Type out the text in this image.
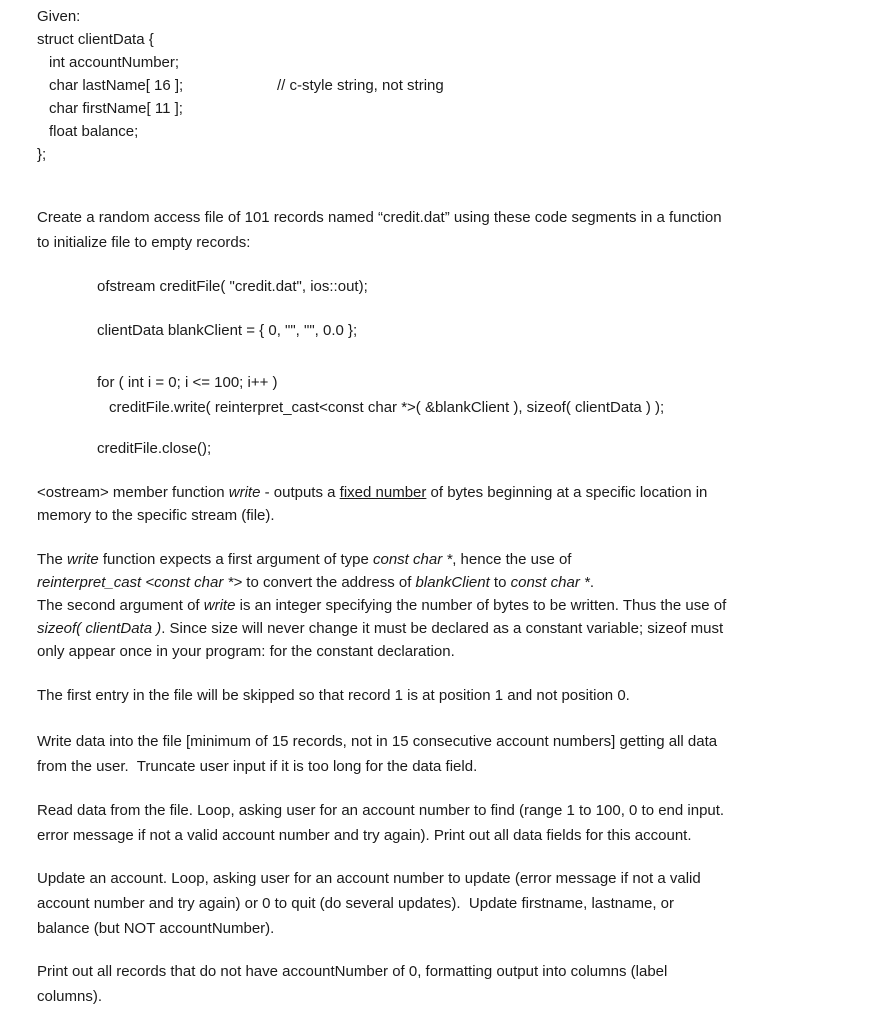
Given:
struct clientData {
int accountNumber;
char lastName[ 16 ];	// c-style string, not string
char firstName[ 11 ];
float balance;
};
Create a random access file of 101 records named “credit.dat” using these code segments in a function
to initialize file to empty records:
ofstream creditFile( "credit.dat", ios::out);
clientData blankClient = { 0, "", "", 0.0 };
for ( int i = 0; i <= 100; i++ )
creditFile.write( reinterpret_cast<const char *>( &blankClient ), sizeof( clientData ) );
creditFile.close();
<ostream> member function write - outputs a fixed number of bytes beginning at a specific location in
memory to the specific stream (file).
The write function expects a first argument of type const char *, hence the use of
reinterpret_cast <const char *> to convert the address of blankClient to const char *.
The second argument of write is an integer specifying the number of bytes to be written. Thus the use of
sizeof( clientData ). Since size will never change it must be declared as a constant variable; sizeof must
only appear once in your program: for the constant declaration.
The first entry in the file will be skipped so that record 1 is at position 1 and not position 0.
Write data into the file [minimum of 15 records, not in 15 consecutive account numbers] getting all data
from the user.  Truncate user input if it is too long for the data field.
Read data from the file. Loop, asking user for an account number to find (range 1 to 100, 0 to end input.
error message if not a valid account number and try again). Print out all data fields for this account.
Update an account. Loop, asking user for an account number to update (error message if not a valid
account number and try again) or 0 to quit (do several updates).  Update firstname, lastname, or
balance (but NOT accountNumber).
Print out all records that do not have accountNumber of 0, formatting output into columns (label
columns).
